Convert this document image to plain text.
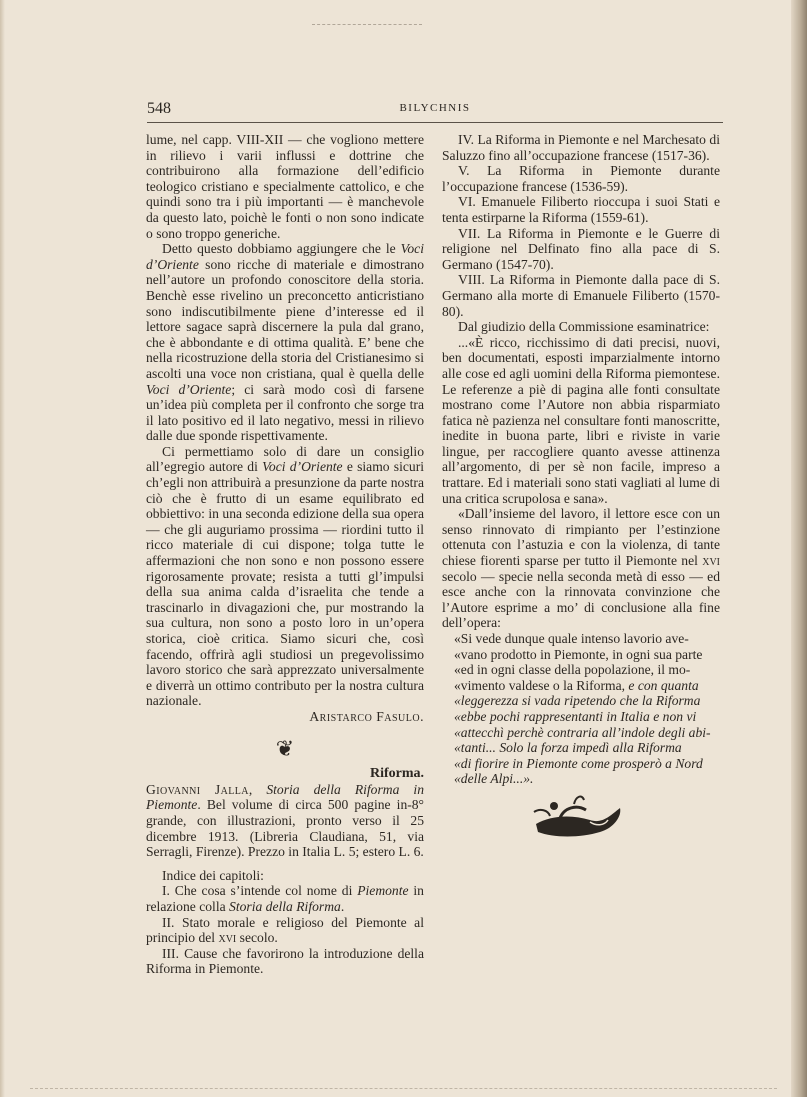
548	BILYCHNIS

lume, nel capp. VIII-XII — che vogliono mettere in rilievo i varii influssi e dottrine che contribuirono alla formazione dell’edificio teologico cristiano e specialmente cattolico, e che quindi sono tra i più importanti — è manchevole da questo lato, poichè le fonti o non sono indicate o sono troppo generiche.

Detto questo dobbiamo aggiungere che le Voci d’Oriente sono ricche di materiale e dimostrano nell’autore un profondo conoscitore della storia. Benchè esse rivelino un preconcetto anticristiano sono indiscutibilmente piene d’interesse ed il lettore sagace saprà discernere la pula dal grano, che è abbondante e di ottima qualità. E’ bene che nella ricostruzione della storia del Cristianesimo si ascolti una voce non cristiana, qual è quella delle Voci d’Oriente; ci sarà modo così di farsene un’idea più completa per il confronto che sorge tra il lato positivo ed il lato negativo, messi in rilievo dalle due sponde rispettivamente.

Ci permettiamo solo di dare un consiglio all’egregio autore di Voci d’Oriente e siamo sicuri ch’egli non attribuirà a presunzione da parte nostra ciò che è frutto di un esame equilibrato ed obbiettivo: in una seconda edizione della sua opera — che gli auguriamo prossima — riordini tutto il ricco materiale di cui dispone; tolga tutte le affermazioni che non sono e non possono essere rigorosamente provate; resista a tutti gl’impulsi della sua anima calda d’israelita che tende a trascinarlo in divagazioni che, pur mostrando la sua cultura, non sono a posto loro in un’opera storica, cioè critica. Siamo sicuri che, così facendo, offrirà agli studiosi un pregevolissimo lavoro storico che sarà apprezzato universalmente e diverrà un ottimo contributo per la nostra cultura nazionale.

Aristarco Fasulo.

❦

Riforma.

Giovanni Jalla, Storia della Riforma in Piemonte. Bel volume di circa 500 pagine in-8° grande, con illustrazioni, pronto verso il 25 dicembre 1913. (Libreria Claudiana, 51, via Serragli, Firenze). Prezzo in Italia L. 5; estero L. 6.

Indice dei capitoli:

I. Che cosa s’intende col nome di Piemonte in relazione colla Storia della Riforma.

II. Stato morale e religioso del Piemonte al principio del xvi secolo.

III. Cause che favorirono la introduzione della Riforma in Piemonte.

IV. La Riforma in Piemonte e nel Marchesato di Saluzzo fino all’occupazione francese (1517-36).

V. La Riforma in Piemonte durante l’occupazione francese (1536-59).

VI. Emanuele Filiberto rioccupa i suoi Stati e tenta estirparne la Riforma (1559-61).

VII. La Riforma in Piemonte e le Guerre di religione nel Delfinato fino alla pace di S. Germano (1547-70).

VIII. La Riforma in Piemonte dalla pace di S. Germano alla morte di Emanuele Filiberto (1570-80).

Dal giudizio della Commissione esaminatrice:

...«È ricco, ricchissimo di dati precisi, nuovi, ben documentati, esposti imparzialmente intorno alle cose ed agli uomini della Riforma piemontese. Le referenze a piè di pagina alle fonti consultate mostrano come l’Autore non abbia risparmiato fatica nè pazienza nel consultare fonti manoscritte, inedite in buona parte, libri e riviste in varie lingue, per raccogliere quanto avesse attinenza all’argomento, di per sè non facile, impreso a trattare. Ed i materiali sono stati vagliati al lume di una critica scrupolosa e sana».

«Dall’insieme del lavoro, il lettore esce con un senso rinnovato di rimpianto per l’estinzione ottenuta con l’astuzia e con la violenza, di tante chiese fiorenti sparse per tutto il Piemonte nel xvi secolo — specie nella seconda metà di esso — ed esce anche con la rinnovata convinzione che l’Autore esprime a mo’ di conclusione alla fine dell’opera:

«Si vede dunque quale intenso lavorio ave-
«vano prodotto in Piemonte, in ogni sua parte
«ed in ogni classe della popolazione, il mo-
«vimento valdese o la Riforma, e con quanta
«leggerezza si vada ripetendo che la Riforma
«ebbe pochi rappresentanti in Italia e non vi
«attecchì perchè contraria all’indole degli abi-
«tanti... Solo la forza impedì alla Riforma
«di fiorire in Piemonte come prosperò a Nord
«delle Alpi...».
